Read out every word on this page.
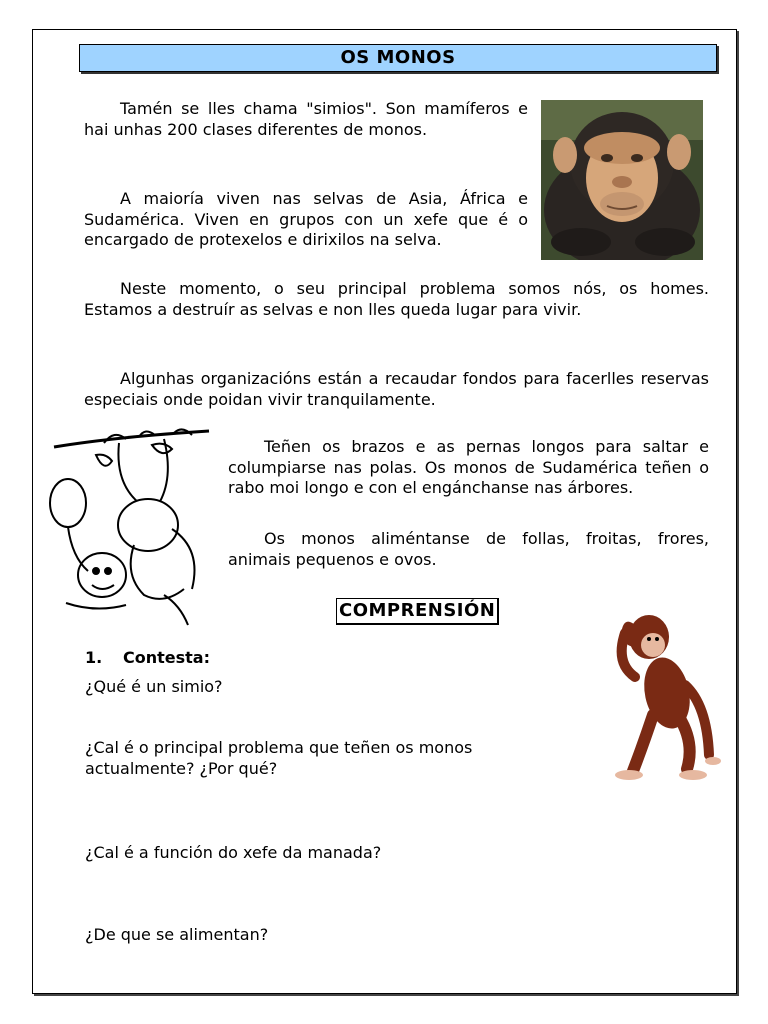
OS MONOS

Tamén se lles chama "simios". Son mamíferos e hai unhas 200 clases diferentes de monos.

A maioría viven nas selvas de Asia, África e Sudamérica. Viven en grupos con un xefe que é o encargado de protexelos e dirixilos na selva.

Neste momento, o seu principal problema somos nós, os homes. Estamos a destruír as selvas e non lles queda lugar para vivir.

Algunhas organizacións están a recaudar fondos para facerlles reservas especiais onde poidan vivir tranquilamente.

Teñen os brazos e as pernas longos para saltar e columpiarse nas polas. Os monos de Sudamérica teñen o rabo moi longo e con el engánchanse nas árbores.

Os monos aliméntanse de follas, froitas, frores, animais pequenos e ovos.

COMPRENSIÓN
1. Contesta:

¿Qué é un simio?

¿Cal é o principal problema que teñen os monos actualmente? ¿Por qué?

¿Cal é a función do xefe da manada?

¿De que se alimentan?
